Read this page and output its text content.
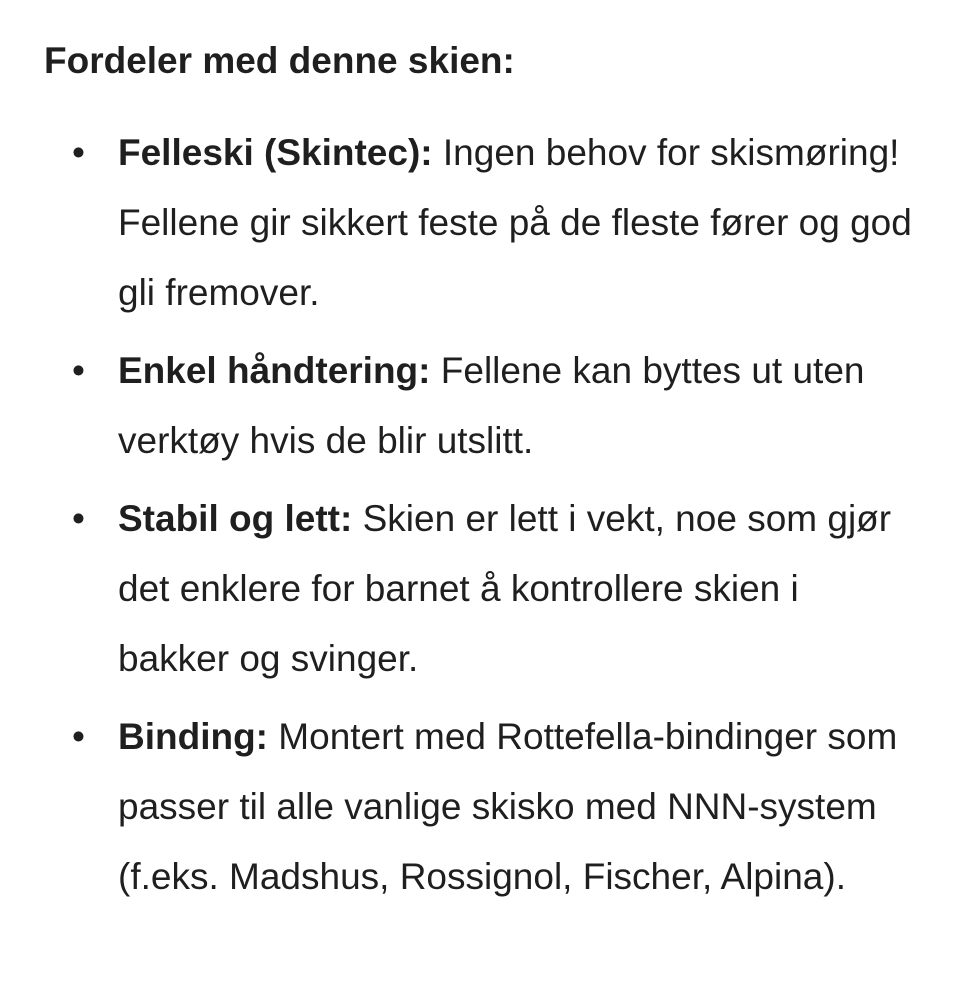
Fordeler med denne skien:
• Felleski (Skintec): Ingen behov for skismøring! Fellene gir sikkert feste på de fleste fører og god gli fremover.
• Enkel håndtering: Fellene kan byttes ut uten verktøy hvis de blir utslitt.
• Stabil og lett: Skien er lett i vekt, noe som gjør det enklere for barnet å kontrollere skien i bakker og svinger.
• Binding: Montert med Rottefella-bindinger som passer til alle vanlige skisko med NNN-system (f.eks. Madshus, Rossignol, Fischer, Alpina).
